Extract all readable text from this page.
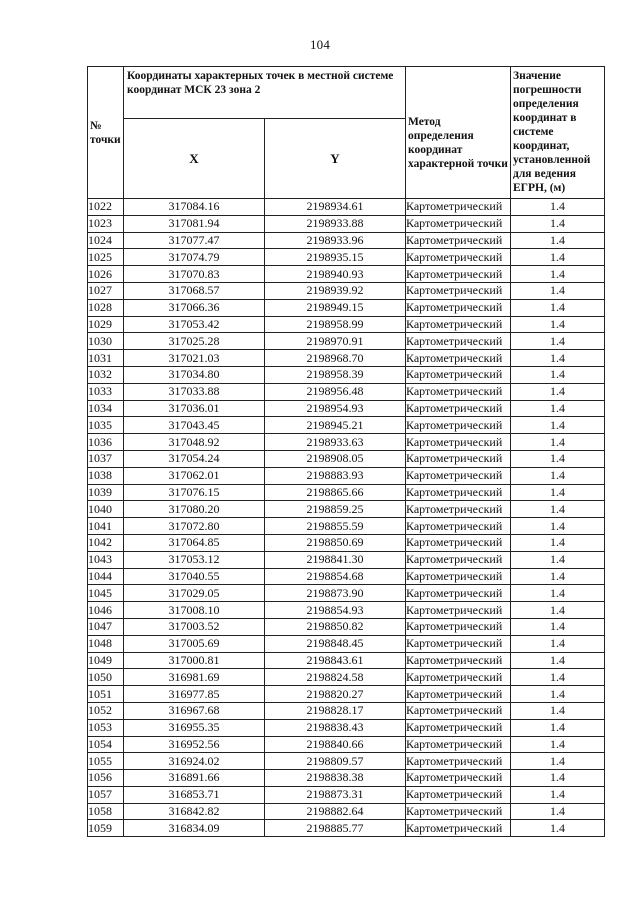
104
№ точки	Координаты характерных точек в местной системе координат МСК 23 зона 2		Метод определения координат характерной точки	Значение погрешности определения координат в системе координат, установленной для ведения ЕГРН, (м)
	X	Y		
1022	317084.16	2198934.61	Картометрический	1.4
1023	317081.94	2198933.88	Картометрический	1.4
1024	317077.47	2198933.96	Картометрический	1.4
1025	317074.79	2198935.15	Картометрический	1.4
1026	317070.83	2198940.93	Картометрический	1.4
1027	317068.57	2198939.92	Картометрический	1.4
1028	317066.36	2198949.15	Картометрический	1.4
1029	317053.42	2198958.99	Картометрический	1.4
1030	317025.28	2198970.91	Картометрический	1.4
1031	317021.03	2198968.70	Картометрический	1.4
1032	317034.80	2198958.39	Картометрический	1.4
1033	317033.88	2198956.48	Картометрический	1.4
1034	317036.01	2198954.93	Картометрический	1.4
1035	317043.45	2198945.21	Картометрический	1.4
1036	317048.92	2198933.63	Картометрический	1.4
1037	317054.24	2198908.05	Картометрический	1.4
1038	317062.01	2198883.93	Картометрический	1.4
1039	317076.15	2198865.66	Картометрический	1.4
1040	317080.20	2198859.25	Картометрический	1.4
1041	317072.80	2198855.59	Картометрический	1.4
1042	317064.85	2198850.69	Картометрический	1.4
1043	317053.12	2198841.30	Картометрический	1.4
1044	317040.55	2198854.68	Картометрический	1.4
1045	317029.05	2198873.90	Картометрический	1.4
1046	317008.10	2198854.93	Картометрический	1.4
1047	317003.52	2198850.82	Картометрический	1.4
1048	317005.69	2198848.45	Картометрический	1.4
1049	317000.81	2198843.61	Картометрический	1.4
1050	316981.69	2198824.58	Картометрический	1.4
1051	316977.85	2198820.27	Картометрический	1.4
1052	316967.68	2198828.17	Картометрический	1.4
1053	316955.35	2198838.43	Картометрический	1.4
1054	316952.56	2198840.66	Картометрический	1.4
1055	316924.02	2198809.57	Картометрический	1.4
1056	316891.66	2198838.38	Картометрический	1.4
1057	316853.71	2198873.31	Картометрический	1.4
1058	316842.82	2198882.64	Картометрический	1.4
1059	316834.09	2198885.77	Картометрический	1.4
